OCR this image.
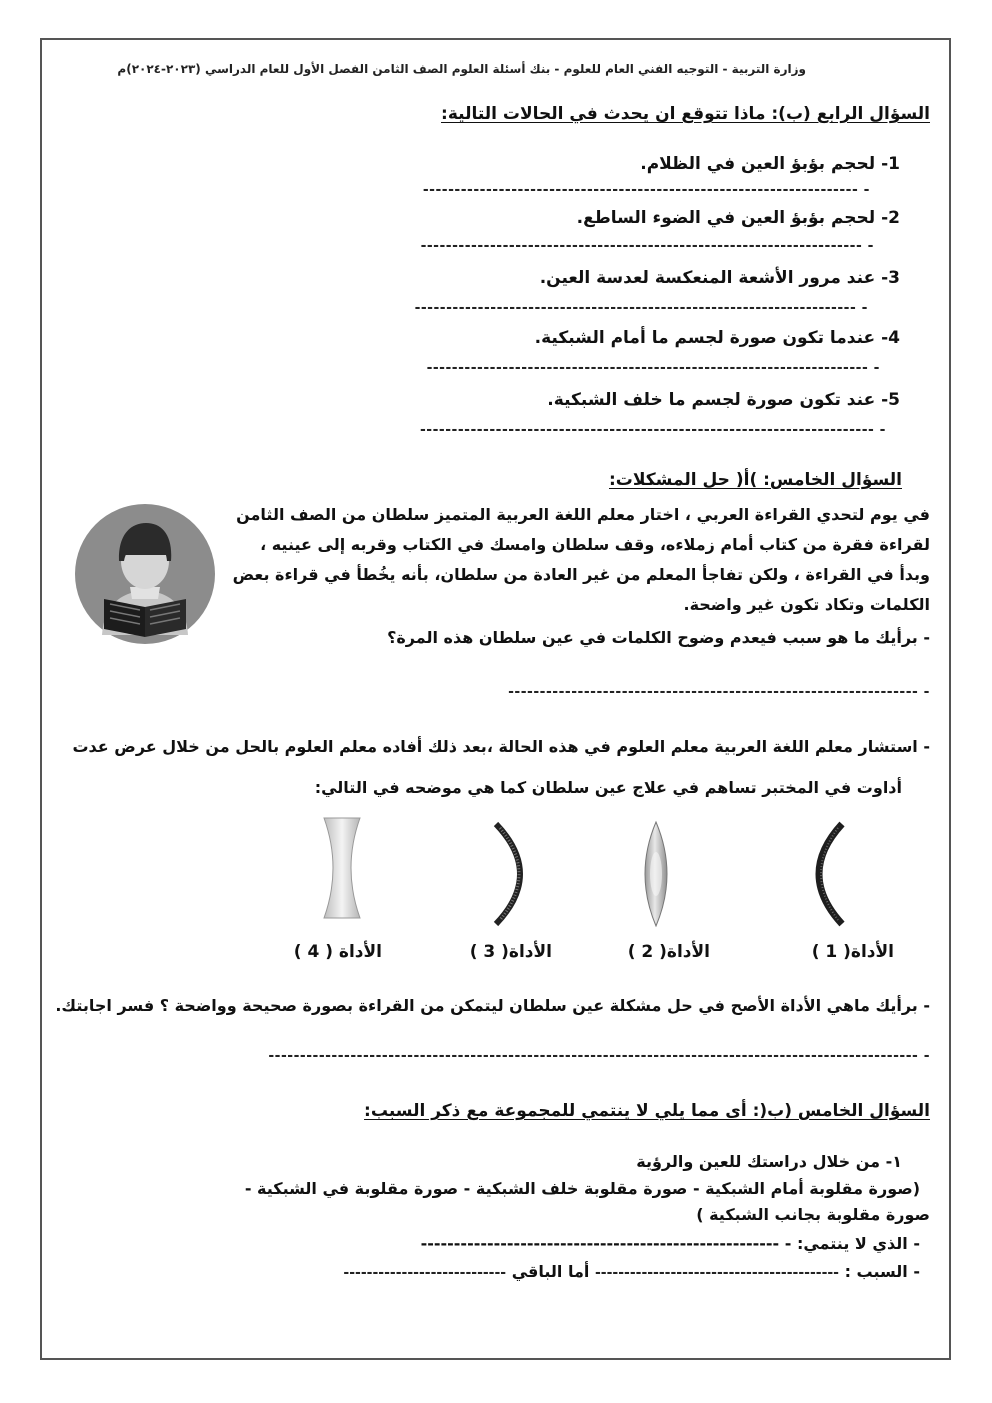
وزارة التربية - التوجيه الفني العام للعلوم - بنك أسئلة العلوم الصف الثامن الفصل الأول للعام الدراسي (٢٠٢٣-٢٠٢٤)م
السؤال الرابع (ب): ماذا تتوقع ان يحدث في الحالات التالية:
1- لحجم بؤبؤ العين في الظلام.
- ---------------------------------------------------------------------
2- لحجم بؤبؤ العين في الضوء الساطع.
- ----------------------------------------------------------------------
3- عند مرور الأشعة المنعكسة لعدسة العين.
- ----------------------------------------------------------------------
4- عندما تكون صورة لجسم ما أمام الشبكية.
- ----------------------------------------------------------------------
5- عند تكون صورة لجسم ما خلف الشبكية.
- ------------------------------------------------------------------------
السؤال الخامس: )أ( حل المشكلات:
في يوم لتحدي القراءة العربي ، اختار معلم اللغة العربية المتميز سلطان من الصف الثامن
لقراءة فقرة من كتاب أمام زملاءه، وقف سلطان وامسك في الكتاب وقربه إلى عينيه ،
وبدأ في القراءة ، ولكن تفاجأ المعلم من غير العادة من سلطان، بأنه يخُطأ في قراءة بعض
الكلمات وتكاد تكون غير واضحة.
- برأيك ما هو سبب فيعدم وضوح الكلمات في عين سلطان هذه المرة؟
- -----------------------------------------------------------------
- استشار معلم اللغة العربية معلم العلوم في هذه الحالة ،بعد ذلك أفاده معلم العلوم بالحل من خلال عرض عدت
أداوت في المختبر تساهم في علاج عين سلطان كما هي موضحه في التالي:
الأداة( 1 )
الأداة( 2 )
الأداة( 3 )
الأداة ( 4 )
- برأيك ماهي الأداة الأصح في حل مشكلة عين سلطان ليتمكن من القراءة بصورة صحيحة وواضحة ؟ فسر اجابتك.
- -------------------------------------------------------------------------------------------------------
السؤال الخامس (ب(: أى مما يلي لا ينتمي للمجموعة مع ذكر السبب:
١- من خلال دراستك للعين والرؤية
(صورة مقلوبة أمام الشبكية - صورة مقلوبة خلف الشبكية - صورة مقلوبة في الشبكية -
صورة مقلوبة بجانب الشبكية )
- الذي لا ينتمي: - ------------------------------------------------------
- السبب : ------------------------------------------ أما الباقي ----------------------------
